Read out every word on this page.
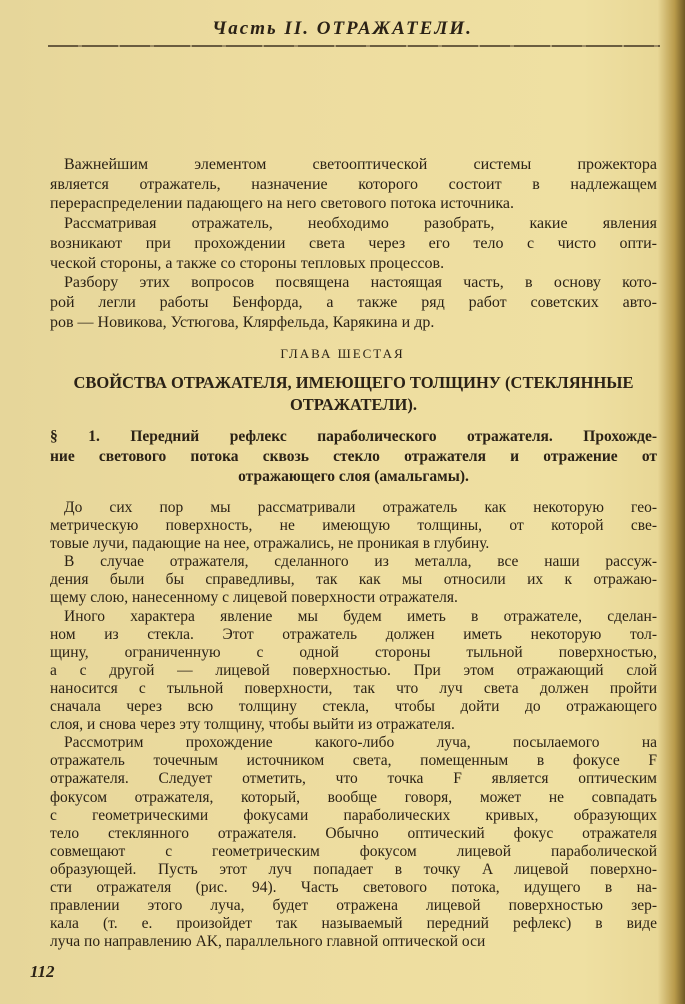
Часть II. ОТРАЖАТЕЛИ.
Важнейшим элементом светооптической системы прожектора
является отражатель, назначение которого состоит в надлежащем
перераспределении падающего на него светового потока источника.
Рассматривая отражатель, необходимо разобрать, какие явления
возникают при прохождении света через его тело с чисто опти-
ческой стороны, а также со стороны тепловых процессов.
Разбору этих вопросов посвящена настоящая часть, в основу кото-
рой легли работы Бенфорда, а также ряд работ советских авто-
ров — Новикова, Устюгова, Клярфельда, Карякина и др.
ГЛАВА ШЕСТАЯ
СВОЙСТВА ОТРАЖАТЕЛЯ, ИМЕЮЩЕГО ТОЛЩИНУ (СТЕКЛЯННЫЕ
ОТРАЖАТЕЛИ).
§ 1. Передний рефлекс параболического отражателя. Прохожде-
ние светового потока сквозь стекло отражателя и отражение от
отражающего слоя (амальгамы).
До сих пор мы рассматривали отражатель как некоторую гео-
метрическую поверхность, не имеющую толщины, от которой све-
товые лучи, падающие на нее, отражались, не проникая в глубину.
В случае отражателя, сделанного из металла, все наши рассуж-
дения были бы справедливы, так как мы относили их к отражаю-
щему слою, нанесенному с лицевой поверхности отражателя.
Иного характера явление мы будем иметь в отражателе, сделан-
ном из стекла. Этот отражатель должен иметь некоторую тол-
щину, ограниченную с одной стороны тыльной поверхностью,
а с другой — лицевой поверхностью. При этом отражающий слой
наносится с тыльной поверхности, так что луч света должен пройти
сначала через всю толщину стекла, чтобы дойти до отражающего
слоя, и снова через эту толщину, чтобы выйти из отражателя.
Рассмотрим прохождение какого-либо луча, посылаемого на
отражатель точечным источником света, помещенным в фокусе F
отражателя. Следует отметить, что точка F является оптическим
фокусом отражателя, который, вообще говоря, может не совпадать
с геометрическими фокусами параболических кривых, образующих
тело стеклянного отражателя. Обычно оптический фокус отражателя
совмещают с геометрическим фокусом лицевой параболической
образующей. Пусть этот луч попадает в точку A лицевой поверхно-
сти отражателя (рис. 94). Часть светового потока, идущего в на-
правлении этого луча, будет отражена лицевой поверхностью зер-
кала (т. е. произойдет так называемый передний рефлекс) в виде
луча по направлению AK, параллельного главной оптической оси
112
